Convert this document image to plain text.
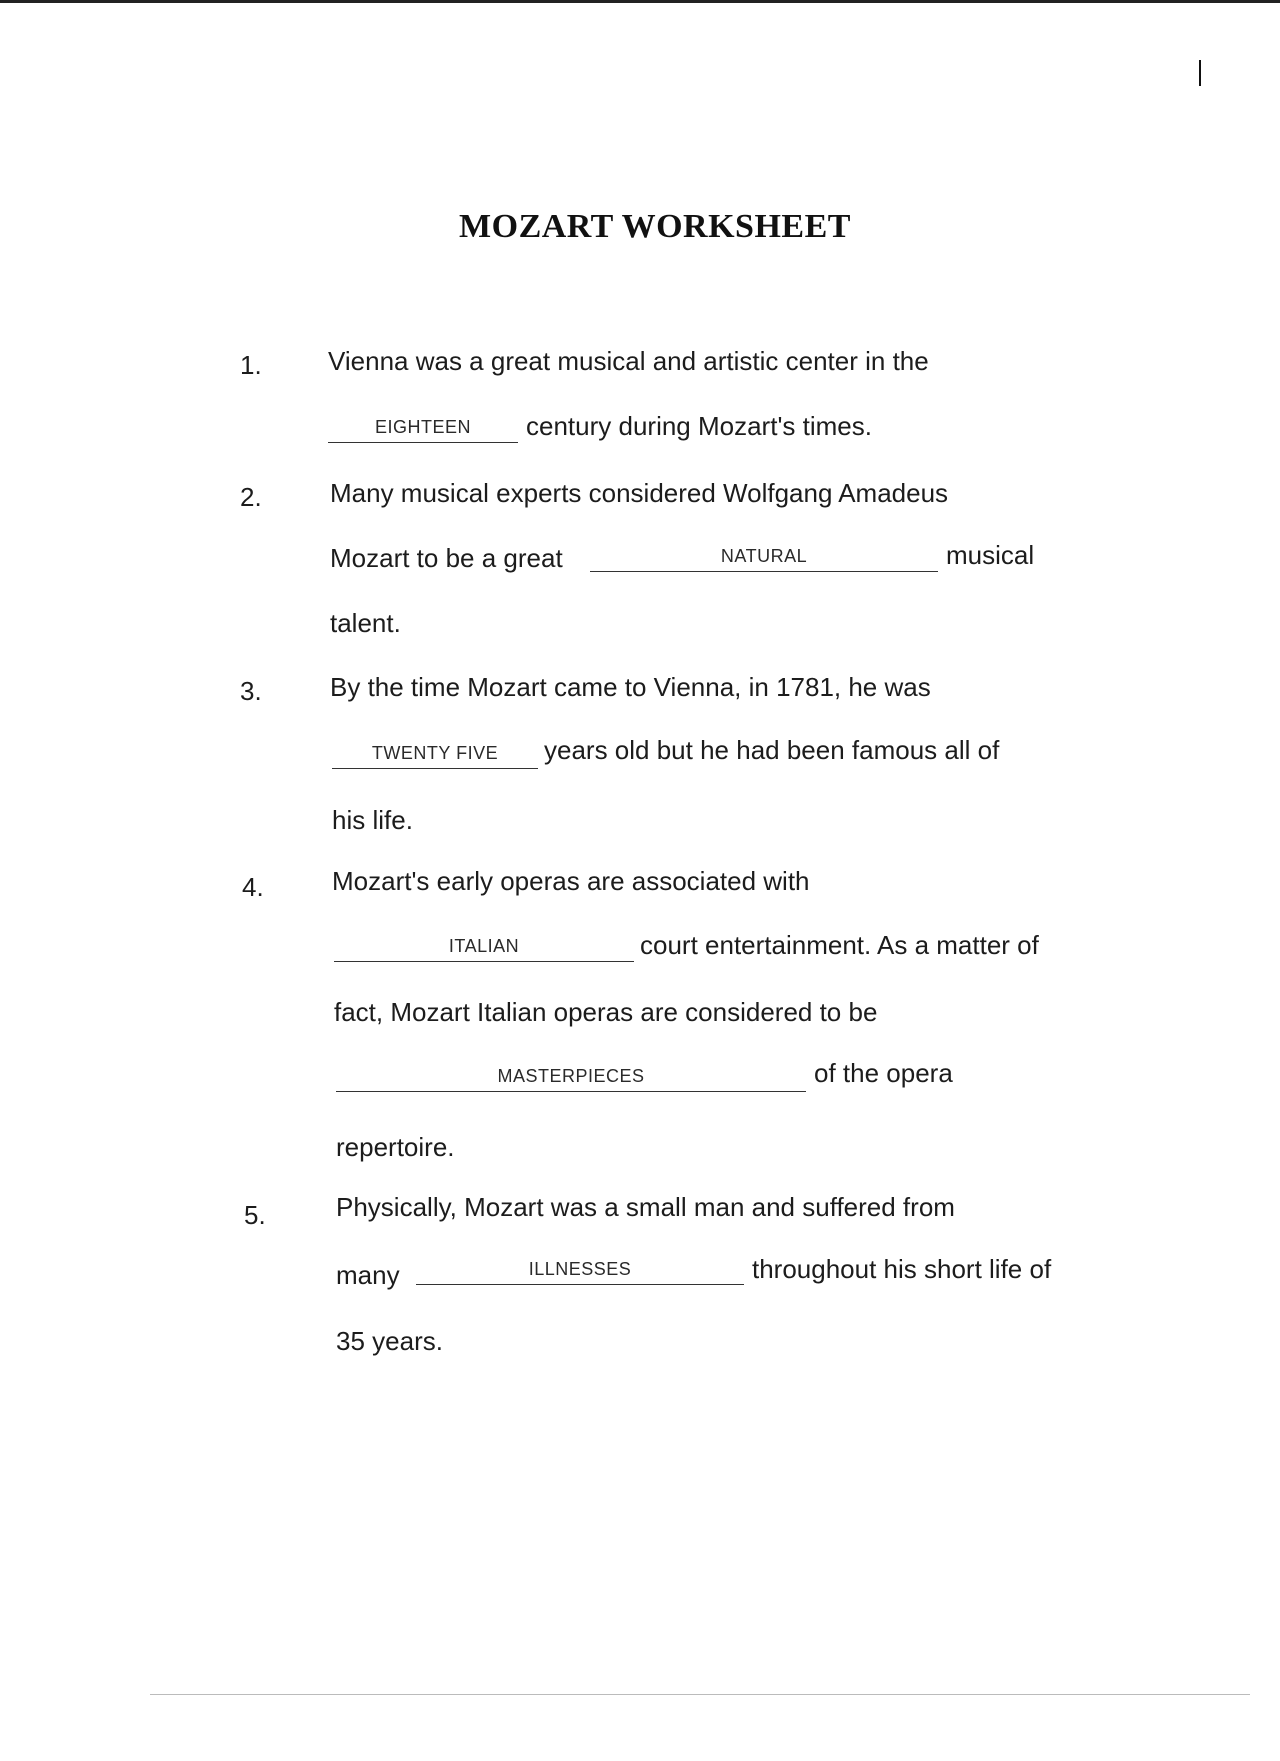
MOZART WORKSHEET
1.	Vienna was a great musical and artistic center in the
EIGHTEEN	century during Mozart's times.
2.	Many musical experts considered Wolfgang Amadeus
Mozart to be a great	NATURAL	musical
talent.
3.	By the time Mozart came to Vienna, in 1781, he was
TWENTY FIVE	years old but he had been famous all of
his life.
4.	Mozart's early operas are associated with
ITALIAN	court entertainment. As a matter of
fact, Mozart Italian operas are considered to be
MASTERPIECES	of the opera
repertoire.
5.	Physically, Mozart was a small man and suffered from
many	ILLNESSES	throughout his short life of
35 years.
